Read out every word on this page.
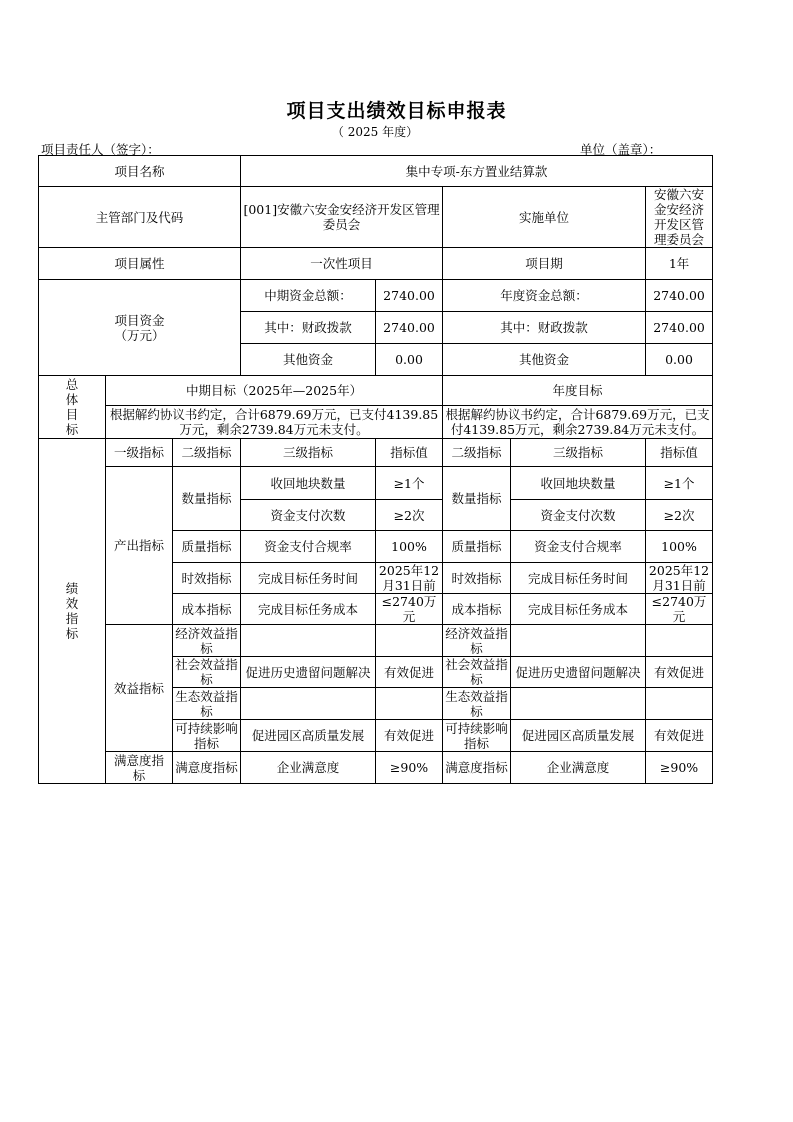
项目支出绩效目标申报表
（ 2025 年度）
项目责任人（签字）：	单位（盖章）：
项目名称			集中专项-东方置业结算款				
主管部门及代码			[001]安徽六安金安经济开发区管理委员会		实施单位		安徽六安金安经济开发区管理委员会
项目属性			一次性项目		项目期		1年

项目资金
（万元）			中期资金总额：	2740.00	年度资金总额：		2740.00
			其中：财政拨款	2740.00	其中：财政拨款		2740.00
			其他资金	0.00	其他资金		0.00

总
体
目
标	中期目标（2025年—2025年）				年度目标		
	根据解约协议书约定，合计6879.69万元，已支付4139.85万元，剩余2739.84万元未支付。				根据解约协议书约定，合计6879.69万元，已支付4139.85万元，剩余2739.84万元未支付。		

绩
效
指
标	一级指标	二级指标	三级指标	指标值	二级指标	三级指标	指标值
	产出指标	数量指标	收回地块数量	≥1个	数量指标	收回地块数量	≥1个
			资金支付次数	≥2次		资金支付次数	≥2次
		质量指标	资金支付合规率	100%	质量指标	资金支付合规率	100%
		时效指标	完成目标任务时间	2025年12月31日前	时效指标	完成目标任务时间	2025年12月31日前
		成本指标	完成目标任务成本	≤2740万元	成本指标	完成目标任务成本	≤2740万元
	效益指标	经济效益指标			经济效益指标		
		社会效益指标	促进历史遗留问题解决	有效促进	社会效益指标	促进历史遗留问题解决	有效促进
		生态效益指标			生态效益指标		
		可持续影响指标	促进园区高质量发展	有效促进	可持续影响指标	促进园区高质量发展	有效促进
	满意度指标	满意度指标	企业满意度	≥90%	满意度指标	企业满意度	≥90%
